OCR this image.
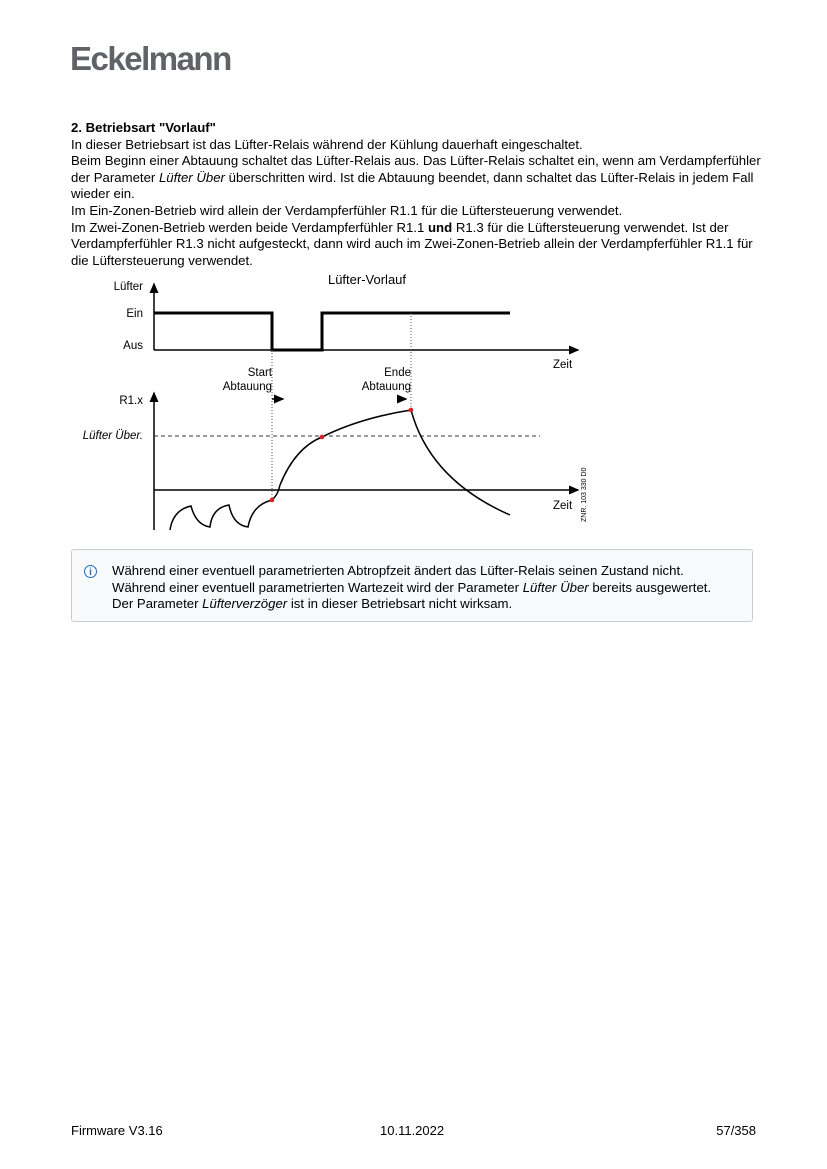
Eckelmann

2. Betriebsart "Vorlauf"

In dieser Betriebsart ist das Lüfter-Relais während der Kühlung dauerhaft eingeschaltet.

Beim Beginn einer Abtauung schaltet das Lüfter-Relais aus. Das Lüfter-Relais schaltet ein, wenn am Verdampferfühler der Parameter Lüfter Über überschritten wird. Ist die Abtauung beendet, dann schaltet das Lüfter-Relais in jedem Fall wieder ein.

Im Ein-Zonen-Betrieb wird allein der Verdampferfühler R1.1 für die Lüftersteuerung verwendet.

Im Zwei-Zonen-Betrieb werden beide Verdampferfühler R1.1 und R1.3 für die Lüftersteuerung verwendet. Ist der Verdampferfühler R1.3 nicht aufgesteckt, dann wird auch im Zwei-Zonen-Betrieb allein der Verdampferfühler R1.1 für die Lüftersteuerung verwendet.

Lüfter-Vorlauf
Lüfter
Ein
Aus
Zeit
Start
Abtauung
Ende
Abtauung
R1.x
Lüfter Über.
Zeit ZNR. 103 330 D0
i	Während einer eventuell parametrierten Abtropfzeit ändert das Lüfter-Relais seinen Zustand nicht.
Während einer eventuell parametrierten Wartezeit wird der Parameter Lüfter Über bereits ausgewertet.
Der Parameter Lüfterverzöger ist in dieser Betriebsart nicht wirksam.
Firmware V3.16	10.11.2022	57/358
